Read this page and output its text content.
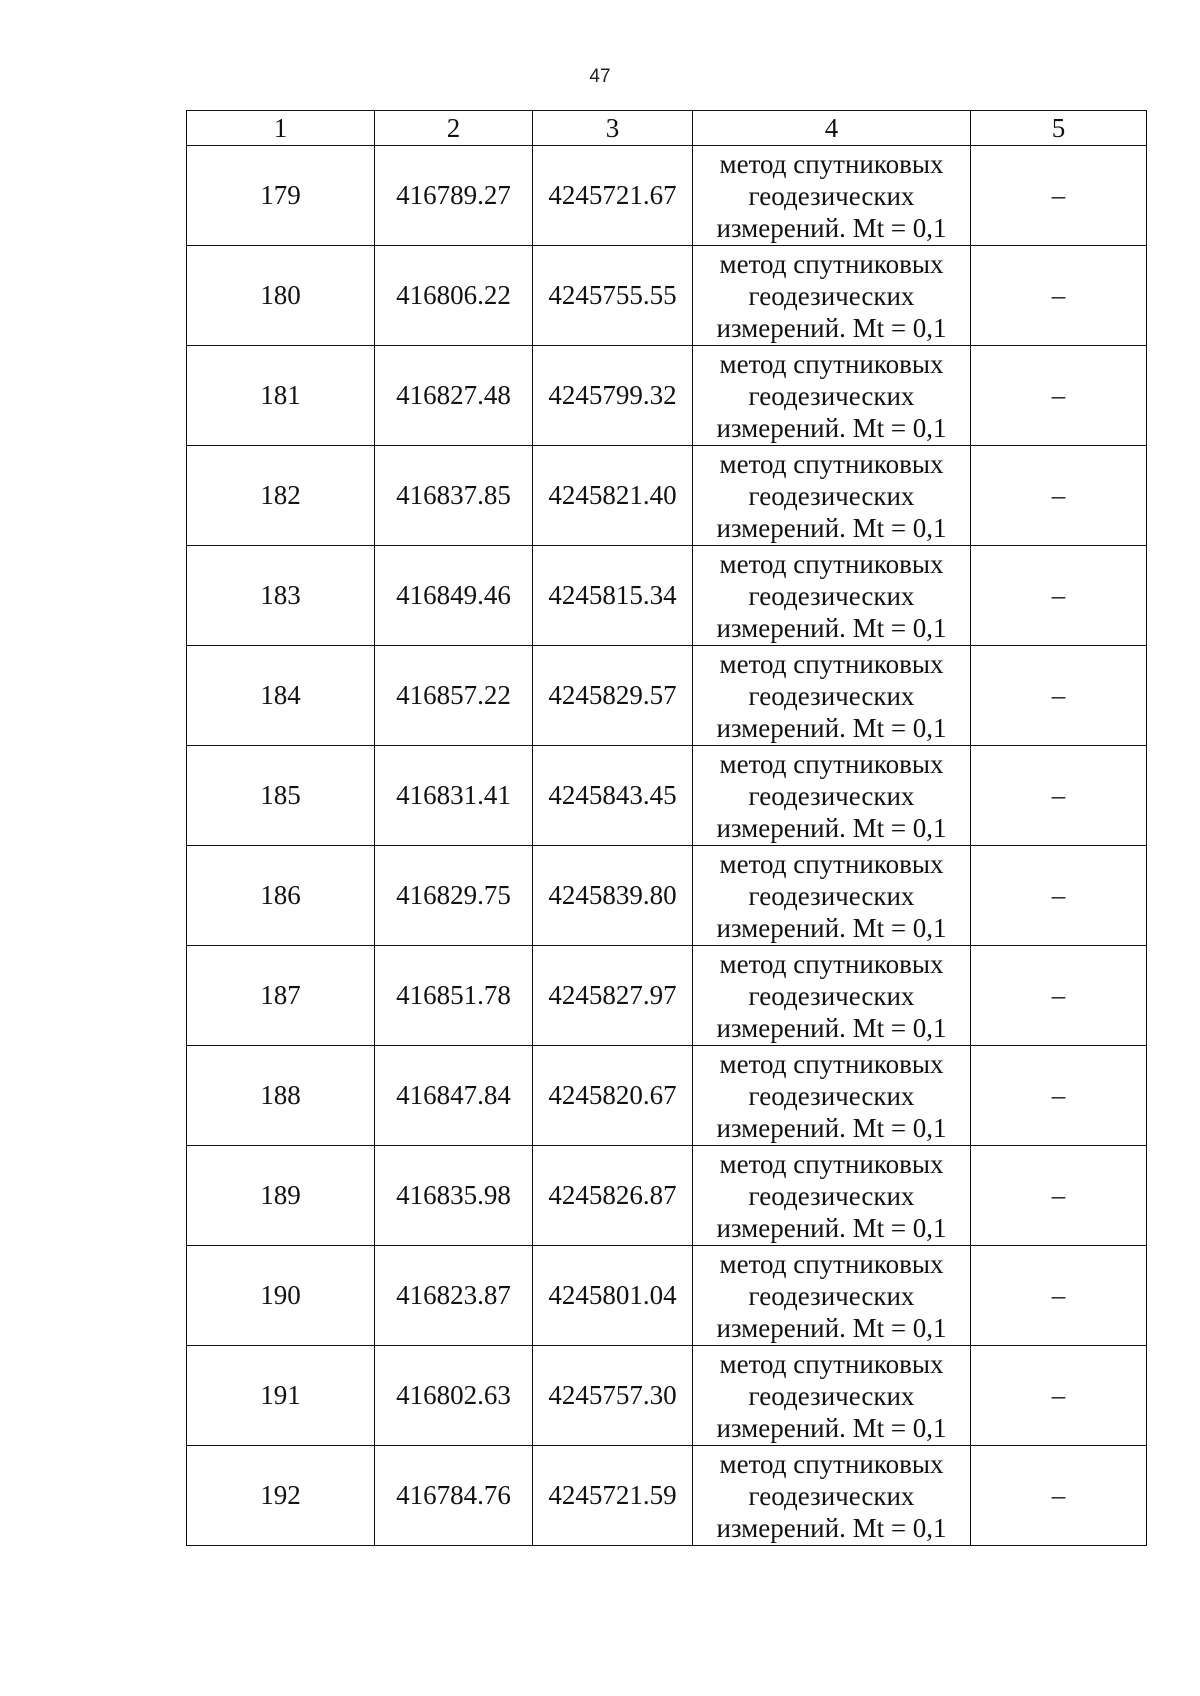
47
1	2	3	4	5
179	416789.27	4245721.67	метод спутниковых
геодезических
измерений. Mt = 0,1	–
180	416806.22	4245755.55	метод спутниковых
геодезических
измерений. Mt = 0,1	–
181	416827.48	4245799.32	метод спутниковых
геодезических
измерений. Mt = 0,1	–
182	416837.85	4245821.40	метод спутниковых
геодезических
измерений. Mt = 0,1	–
183	416849.46	4245815.34	метод спутниковых
геодезических
измерений. Mt = 0,1	–
184	416857.22	4245829.57	метод спутниковых
геодезических
измерений. Mt = 0,1	–
185	416831.41	4245843.45	метод спутниковых
геодезических
измерений. Mt = 0,1	–
186	416829.75	4245839.80	метод спутниковых
геодезических
измерений. Mt = 0,1	–
187	416851.78	4245827.97	метод спутниковых
геодезических
измерений. Mt = 0,1	–
188	416847.84	4245820.67	метод спутниковых
геодезических
измерений. Mt = 0,1	–
189	416835.98	4245826.87	метод спутниковых
геодезических
измерений. Mt = 0,1	–
190	416823.87	4245801.04	метод спутниковых
геодезических
измерений. Mt = 0,1	–
191	416802.63	4245757.30	метод спутниковых
геодезических
измерений. Mt = 0,1	–
192	416784.76	4245721.59	метод спутниковых
геодезических
измерений. Mt = 0,1	–
